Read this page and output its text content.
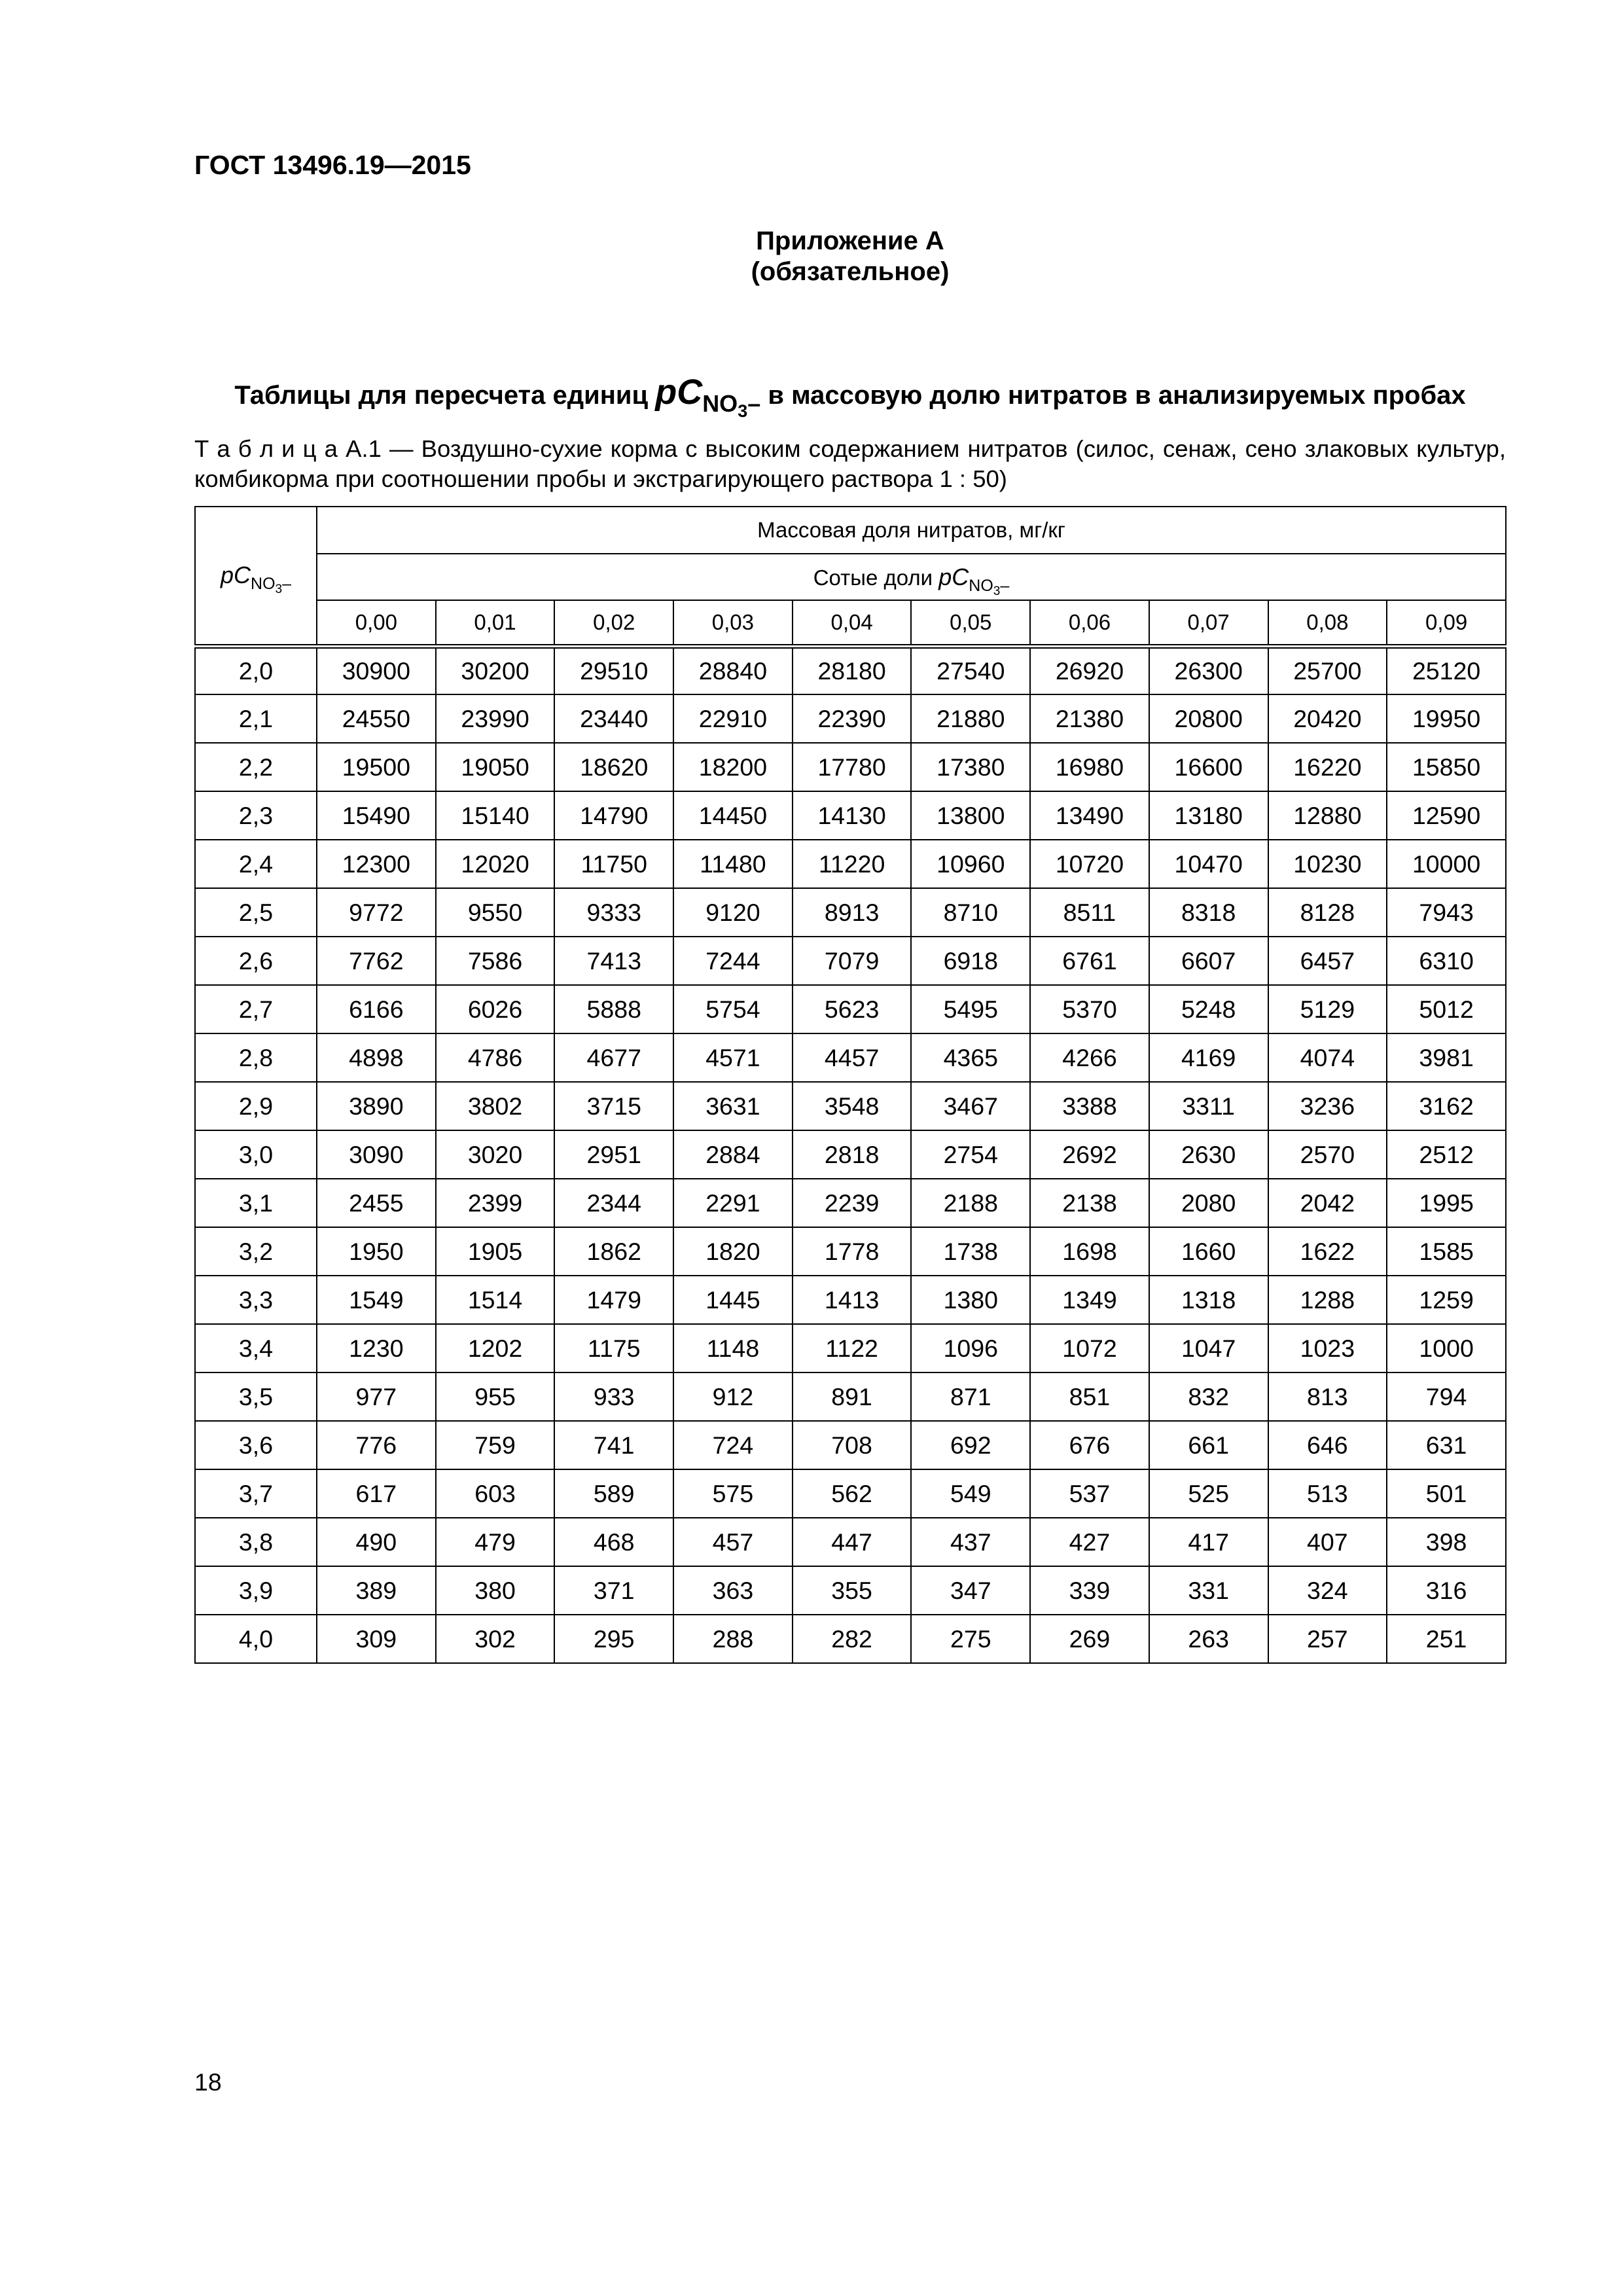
ГОСТ 13496.19—2015
Приложение А
(обязательное)
Таблицы для пересчета единиц pCNO$_3$– в массовую долю нитратов в анализируемых пробах

Т а б л и ц а А.1 — Воздушно-сухие корма с высоким содержанием нитратов (силос, сенаж, сено злаковых культур, комбикорма при соотношении пробы и экстрагирующего раствора 1 : 50)

$pC_{NO_3-}$	Массовая доля нитратов, мг/кг									
	Сотые доли $pC_{NO_3-}$
	0,00	0,01	0,02	0,03	0,04	0,05	0,06	0,07	0,08	0,09
2,0	30900	30200	29510	28840	28180	27540	26920	26300	25700	25120
2,1	24550	23990	23440	22910	22390	21880	21380	20800	20420	19950
2,2	19500	19050	18620	18200	17780	17380	16980	16600	16220	15850
2,3	15490	15140	14790	14450	14130	13800	13490	13180	12880	12590
2,4	12300	12020	11750	11480	11220	10960	10720	10470	10230	10000
2,5	9772	9550	9333	9120	8913	8710	8511	8318	8128	7943
2,6	7762	7586	7413	7244	7079	6918	6761	6607	6457	6310
2,7	6166	6026	5888	5754	5623	5495	5370	5248	5129	5012
2,8	4898	4786	4677	4571	4457	4365	4266	4169	4074	3981
2,9	3890	3802	3715	3631	3548	3467	3388	3311	3236	3162
3,0	3090	3020	2951	2884	2818	2754	2692	2630	2570	2512
3,1	2455	2399	2344	2291	2239	2188	2138	2080	2042	1995
3,2	1950	1905	1862	1820	1778	1738	1698	1660	1622	1585
3,3	1549	1514	1479	1445	1413	1380	1349	1318	1288	1259
3,4	1230	1202	1175	1148	1122	1096	1072	1047	1023	1000
3,5	977	955	933	912	891	871	851	832	813	794
3,6	776	759	741	724	708	692	676	661	646	631
3,7	617	603	589	575	562	549	537	525	513	501
3,8	490	479	468	457	447	437	427	417	407	398
3,9	389	380	371	363	355	347	339	331	324	316
4,0	309	302	295	288	282	275	269	263	257	251
18
